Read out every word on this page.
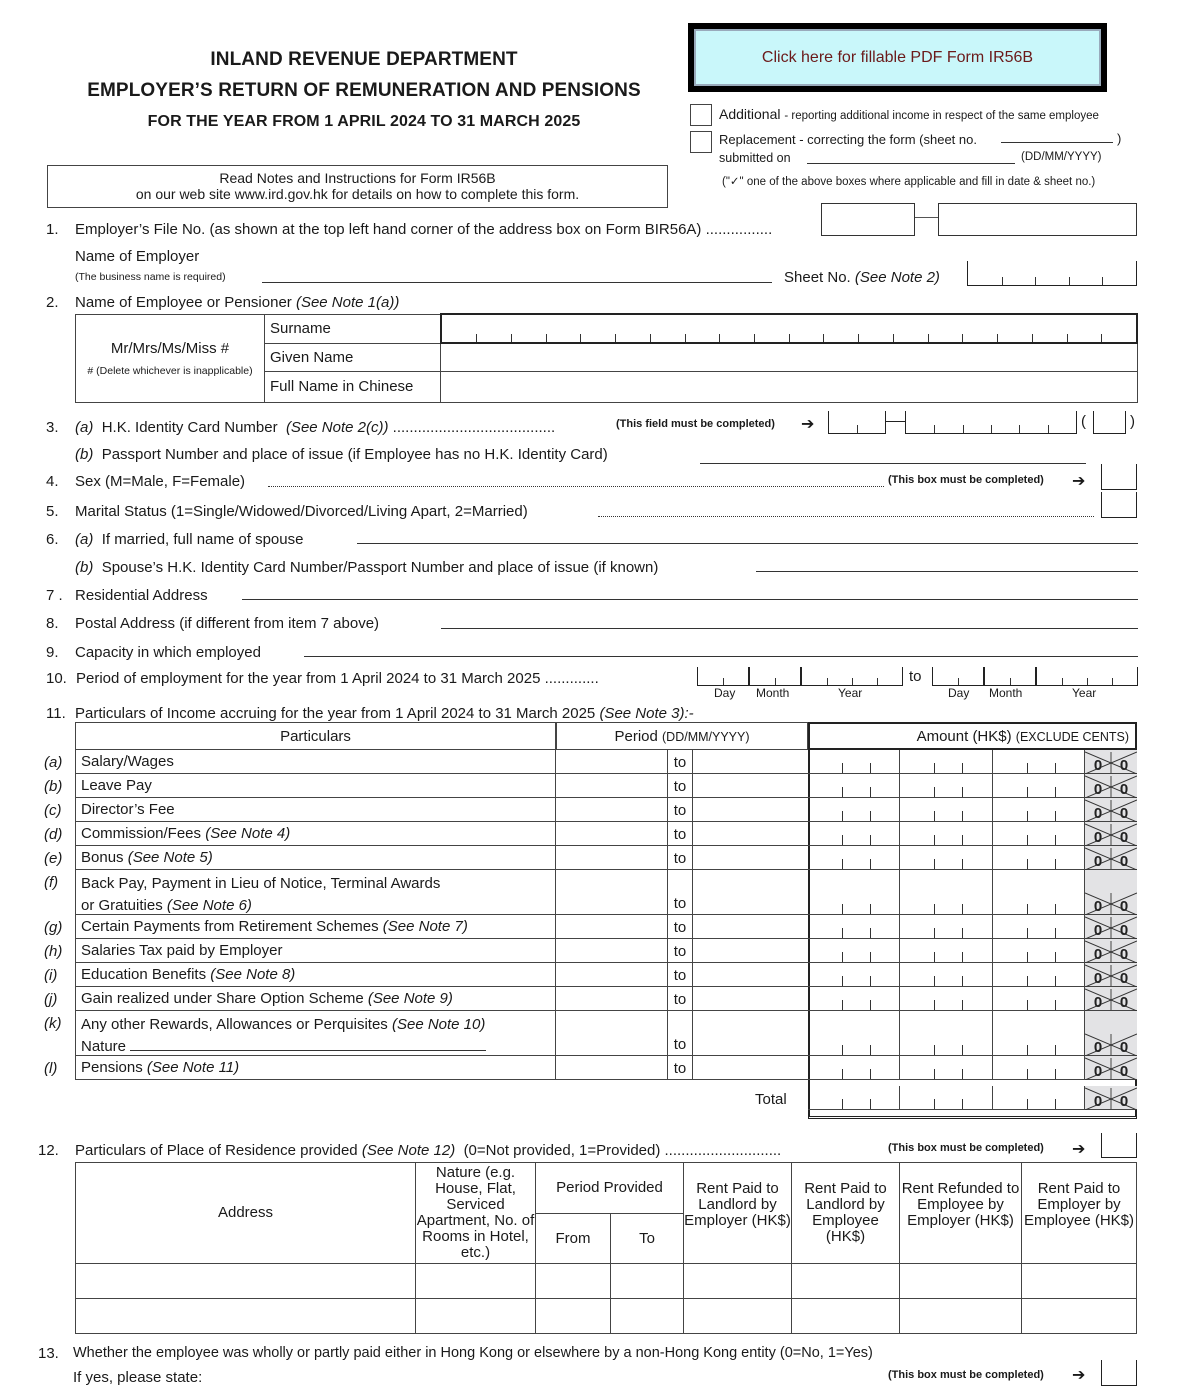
INLAND REVENUE DEPARTMENT
EMPLOYER’S RETURN OF REMUNERATION AND PENSIONS
FOR THE YEAR FROM 1 APRIL 2024 TO 31 MARCH 2025
Read Notes and Instructions for Form IR56B
on our web site www.ird.gov.hk for details on how to complete this form.
Click here for fillable PDF Form IR56B
Additional - reporting additional income in respect of the same employee
Replacement - correcting the form (sheet no.	)
submitted on	(DD/MM/YYYY)
("✓" one of the above boxes where applicable and fill in date & sheet no.)
1. Employer’s File No. (as shown at the top left hand corner of the address box on Form BIR56A) ................
Name of Employer
(The business name is required)	Sheet No. (See Note 2)
2. Name of Employee or Pensioner (See Note 1(a))
Mr/Mrs/Ms/Miss #
# (Delete whichever is inapplicable)	Surname	

	Given Name	
	Full Name in Chinese	
3. (a) H.K. Identity Card Number (See Note 2(c)) .......................................	(This field must be completed) ➔	(	)
(b) Passport Number and place of issue (if Employee has no H.K. Identity Card)
4. Sex (M=Male, F=Female)	(This box must be completed) ➔
5. Marital Status (1=Single/Widowed/Divorced/Living Apart, 2=Married)
6. (a) If married, full name of spouse
(b) Spouse’s H.K. Identity Card Number/Passport Number and place of issue (if known)
7 . Residential Address
8. Postal Address (if different from item 7 above)
9. Capacity in which employed
10. Period of employment for the year from 1 April 2024 to 31 March 2025 .............	to
Day Month	Year	Day Month	Year
11. Particulars of Income accruing for the year from 1 April 2024 to 31 March 2025 (See Note 3):-
Particulars	Period (DD/MM/YYYY)	Amount (HK$) (EXCLUDE CENTS)
(a)	Salary/Wages	to	0 0
(b)	Leave Pay	to	0 0
(c)	Director’s Fee	to	0 0
(d)	Commission/Fees (See Note 4)	to	0 0
(e)	Bonus (See Note 5)	to	0 0
(f)	Back Pay, Payment in Lieu of Notice, Terminal Awards
or Gratuities (See Note 6)	to	0 0
(g)	Certain Payments from Retirement Schemes (See Note 7)	to	0 0
(h)	Salaries Tax paid by Employer	to	0 0
(i)	Education Benefits (See Note 8)	to	0 0
(j)	Gain realized under Share Option Scheme (See Note 9)	to	0 0
(k)	Any other Rewards, Allowances or Perquisites (See Note 10)
Nature	to	0 0
(l)	Pensions (See Note 11)	to	0 0
Total	0 0
12. Particulars of Place of Residence provided (See Note 12) (0=Not provided, 1=Provided) ............................	(This box must be completed) ➔
Address	Nature (e.g. House, Flat, Serviced Apartment, No. of Rooms in Hotel, etc.)	Period Provided		Rent Paid to Landlord by Employer (HK$)	Rent Paid to Landlord by Employee (HK$)	Rent Refunded to Employee by Employer (HK$)	Rent Paid to Employer by Employee (HK$)
		From	To				

13. Whether the employee was wholly or partly paid either in Hong Kong or elsewhere by a non-Hong Kong entity (0=No, 1=Yes)
If yes, please state:	(This box must be completed) ➔
